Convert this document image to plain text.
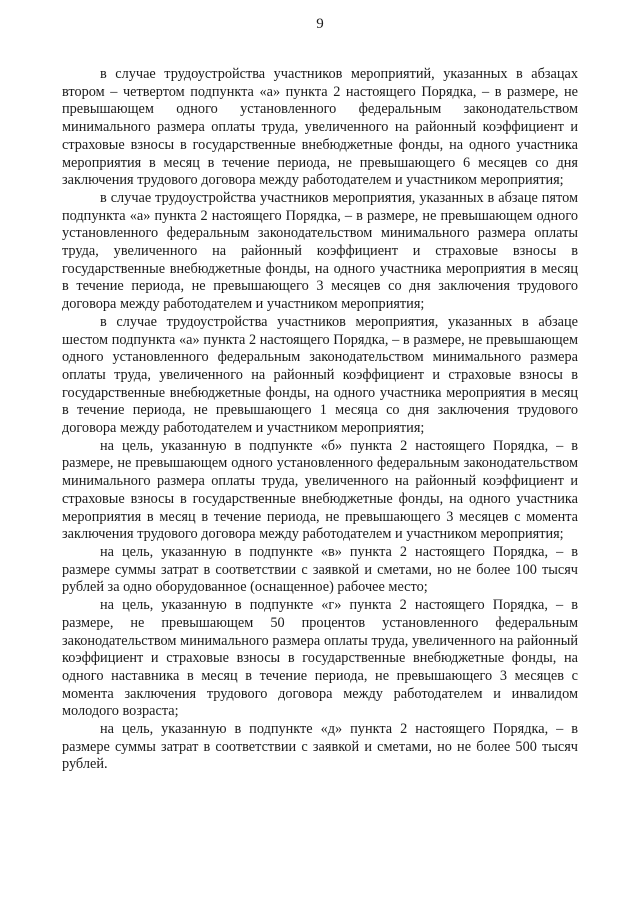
9

в случае трудоустройства участников мероприятий, указанных в абзацах втором – четвертом подпункта «а» пункта 2 настоящего Порядка, – в размере, не превышающем одного установленного федеральным законодательством минимального размера оплаты труда, увеличенного на районный коэффициент и страховые взносы в государственные внебюджетные фонды, на одного участника мероприятия в месяц в течение периода, не превышающего 6 месяцев со дня заключения трудового договора между работодателем и участником мероприятия;

в случае трудоустройства участников мероприятия, указанных в абзаце пятом подпункта «а» пункта 2 настоящего Порядка, – в размере, не превышающем одного установленного федеральным законодательством минимального размера оплаты труда, увеличенного на районный коэффициент и страховые взносы в государственные внебюджетные фонды, на одного участника мероприятия в месяц в течение периода, не превышающего 3 месяцев со дня заключения трудового договора между работодателем и участником мероприятия;

в случае трудоустройства участников мероприятия, указанных в абзаце шестом подпункта «а» пункта 2 настоящего Порядка, – в размере, не превышающем одного установленного федеральным законодательством минимального размера оплаты труда, увеличенного на районный коэффициент и страховые взносы в государственные внебюджетные фонды, на одного участника мероприятия в месяц в течение периода, не превышающего 1 месяца со дня заключения трудового договора между работодателем и участником мероприятия;

на цель, указанную в подпункте «б» пункта 2 настоящего Порядка, – в размере, не превышающем одного установленного федеральным законодательством минимального размера оплаты труда, увеличенного на районный коэффициент и страховые взносы в государственные внебюджетные фонды, на одного участника мероприятия в месяц в течение периода, не превышающего 3 месяцев с момента заключения трудового договора между работодателем и участником мероприятия;

на цель, указанную в подпункте «в» пункта 2 настоящего Порядка, – в размере суммы затрат в соответствии с заявкой и сметами, но не более 100 тысяч рублей за одно оборудованное (оснащенное) рабочее место;

на цель, указанную в подпункте «г» пункта 2 настоящего Порядка, – в размере, не превышающем 50 процентов установленного федеральным законодательством минимального размера оплаты труда, увеличенного на районный коэффициент и страховые взносы в государственные внебюджетные фонды, на одного наставника в месяц в течение периода, не превышающего 3 месяцев с момента заключения трудового договора между работодателем и инвалидом молодого возраста;

на цель, указанную в подпункте «д» пункта 2 настоящего Порядка, – в размере суммы затрат в соответствии с заявкой и сметами, но не более 500 тысяч рублей.
